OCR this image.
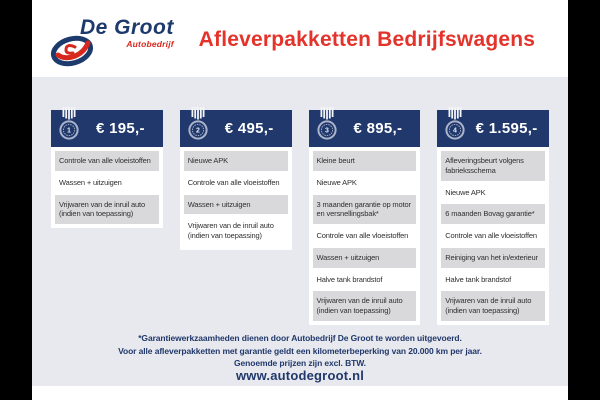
De Groot
Autobedrijf	Afleverpakketten Bedrijfswagens
1	€ 195,-
Controle van alle vloeistoffen
Wassen + uitzuigen
Vrijwaren van de inruil auto (indien van toepassing)
2	€ 495,-
Nieuwe APK
Controle van alle vloeistoffen
Wassen + uitzuigen
Vrijwaren van de inruil auto (indien van toepassing)
3	€ 895,-
Kleine beurt
Nieuwe APK
3 maanden garantie op motor en versnellingsbak*
Controle van alle vloeistoffen
Wassen + uitzuigen
Halve tank brandstof
Vrijwaren van de inruil auto (indien van toepassing)
4	€ 1.595,-
Afleveringsbeurt volgens fabrieksschema
Nieuwe APK
6 maanden Bovag garantie*
Controle van alle vloeistoffen
Reiniging van het in/exterieur
Halve tank brandstof
Vrijwaren van de inruil auto (indien van toepassing)
*Garantiewerkzaamheden dienen door Autobedrijf De Groot te worden uitgevoerd.
Voor alle afleverpakketten met garantie geldt een kilometerbeperking van 20.000 km per jaar.
Genoemde prijzen zijn excl. BTW.
www.autodegroot.nl
